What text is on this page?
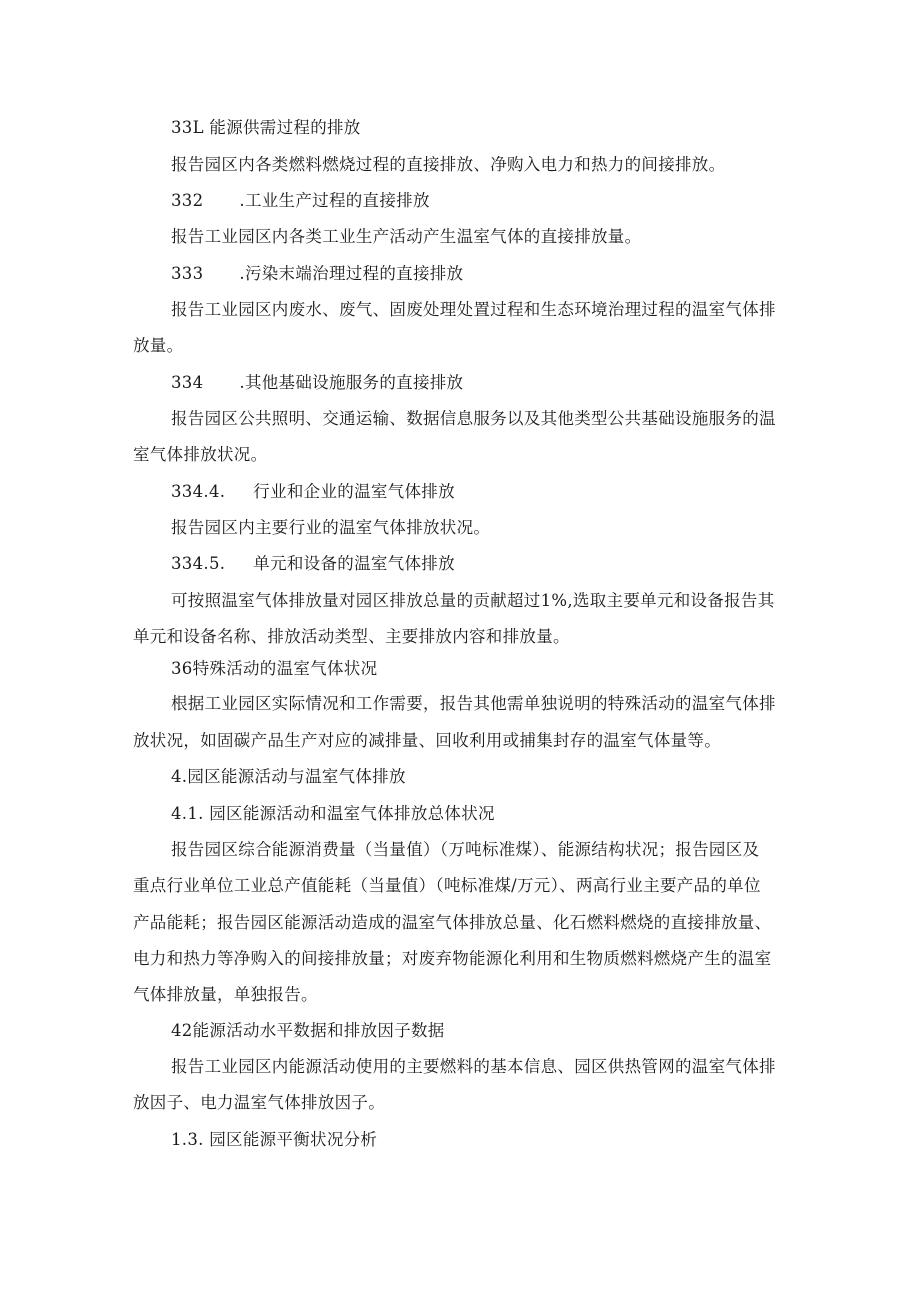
33L 能源供需过程的排放
报告园区内各类燃料燃烧过程的直接排放、净购入电力和热力的间接排放。
332 .工业生产过程的直接排放
报告工业园区内各类工业生产活动产生温室气体的直接排放量。
333 .污染末端治理过程的直接排放
报告工业园区内废水、废气、固废处理处置过程和生态环境治理过程的温室气体排
放量。
334 .其他基础设施服务的直接排放
报告园区公共照明、交通运输、数据信息服务以及其他类型公共基础设施服务的温
室气体排放状况。
334.4. 行业和企业的温室气体排放
报告园区内主要行业的温室气体排放状况。
334.5. 单元和设备的温室气体排放
可按照温室气体排放量对园区排放总量的贡献超过1%,选取主要单元和设备报告其
单元和设备名称、排放活动类型、主要排放内容和排放量。
36特殊活动的温室气体状况
根据工业园区实际情况和工作需要，报告其他需单独说明的特殊活动的温室气体排
放状况，如固碳产品生产对应的减排量、回收利用或捕集封存的温室气体量等。
4.园区能源活动与温室气体排放
4.1. 园区能源活动和温室气体排放总体状况
报告园区综合能源消费量（当量值）（万吨标准煤）、能源结构状况；报告园区及
重点行业单位工业总产值能耗（当量值）（吨标准煤/万元）、两高行业主要产品的单位
产品能耗；报告园区能源活动造成的温室气体排放总量、化石燃料燃烧的直接排放量、
电力和热力等净购入的间接排放量；对废弃物能源化利用和生物质燃料燃烧产生的温室
气体排放量，单独报告。
42能源活动水平数据和排放因子数据
报告工业园区内能源活动使用的主要燃料的基本信息、园区供热管网的温室气体排
放因子、电力温室气体排放因子。
1.3. 园区能源平衡状况分析
